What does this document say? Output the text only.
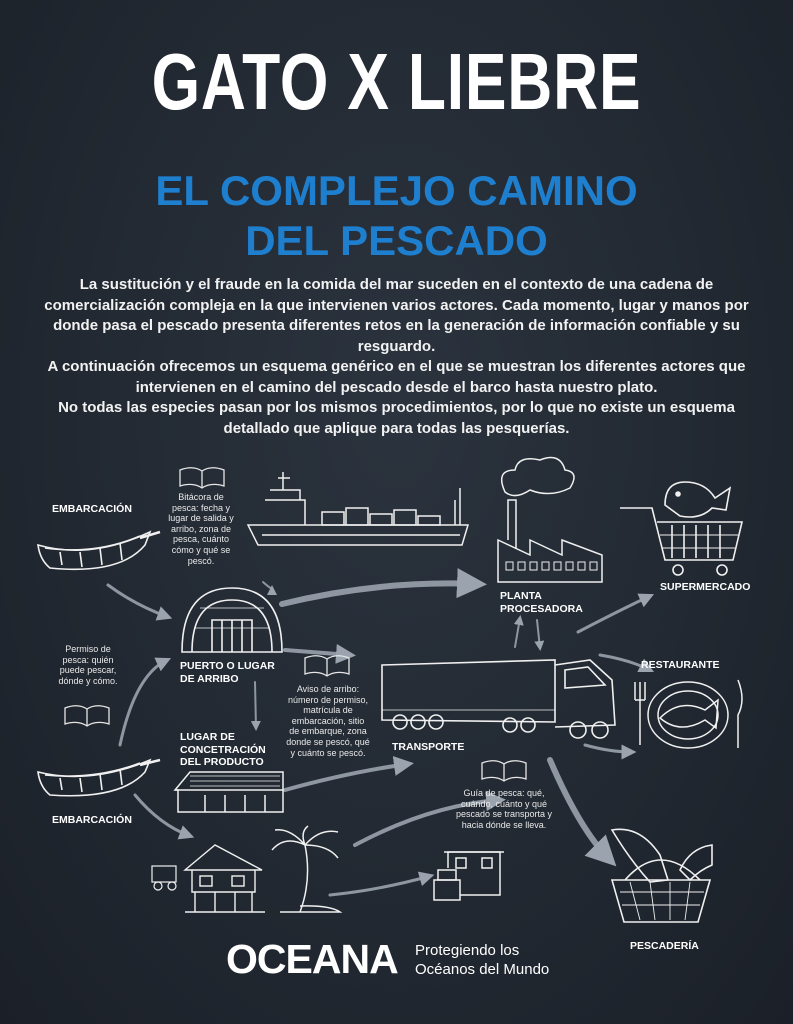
GATO X LIEBRE
EL COMPLEJO CAMINO
DEL PESCADO

La sustitución y el fraude en la comida del mar suceden en el contexto de una cadena de comercialización compleja en la que intervienen varios actores. Cada momento, lugar y manos por donde pasa el pescado presenta diferentes retos en la generación de información confiable y su resguardo.

A continuación ofrecemos un esquema genérico en el que se muestran los diferentes actores que intervienen en el camino del pescado desde el barco hasta nuestro plato.

No todas las especies pasan por los mismos procedimientos, por lo que no existe un esquema detallado que aplique para todas las pesquerías.

EMBARCACIÓN
EMBARCACIÓN
PUERTO O LUGAR DE ARRIBO
LUGAR DE CONCETRACIÓN DEL PRODUCTO
TRANSPORTE
PLANTA PROCESADORA
SUPERMERCADO
RESTAURANTE
PESCADERÍA
Bitácora de pesca: fecha y lugar de salida y arribo, zona de pesca, cuánto cómo y qué se pescó.
Permiso de pesca: quién puede pescar, dónde y cómo.
Aviso de arribo: número de permiso, matrícula de embarcación, sitio de embarque, zona donde se pescó, qué y cuánto se pescó.
Guía de pesca: qué, cuándo, cuánto y qué pescado se transporta y hacia dónde se lleva.
OCEANA Protegiendo los
Océanos del Mundo
